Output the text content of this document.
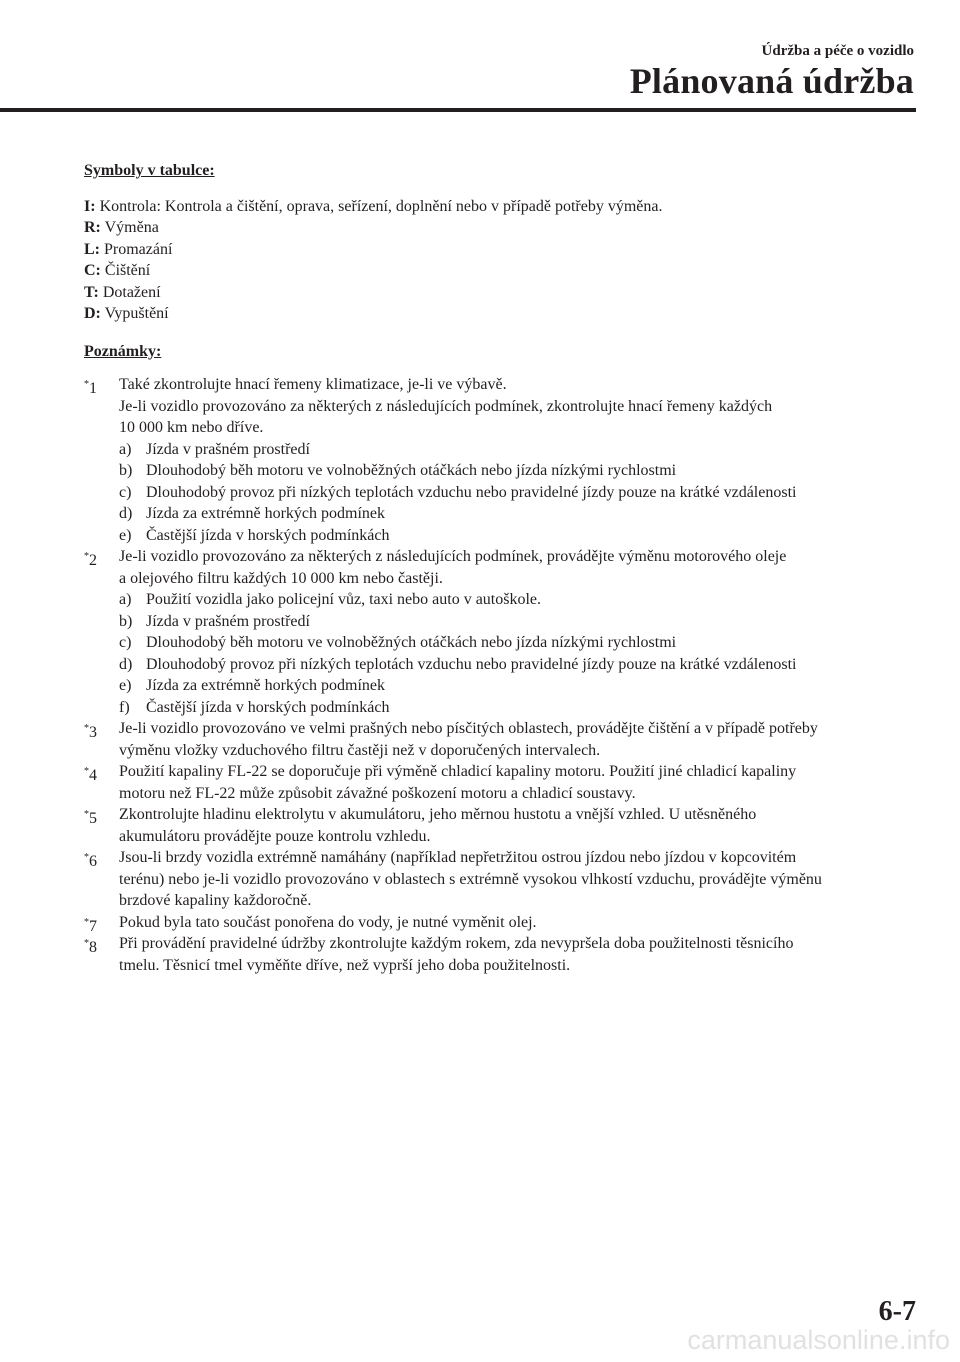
Údržba a péče o vozidlo
Plánovaná údržba
Symboly v tabulce:
I: Kontrola: Kontrola a čištění, oprava, seřízení, doplnění nebo v případě potřeby výměna.
R: Výměna
L: Promazání
C: Čištění
T: Dotažení
D: Vypuštění
Poznámky:
*1 Také zkontrolujte hnací řemeny klimatizace, je-li ve výbavě.
Je-li vozidlo provozováno za některých z následujících podmínek, zkontrolujte hnací řemeny každých
10 000 km nebo dříve.
a) Jízda v prašném prostředí
b) Dlouhodobý běh motoru ve volnoběžných otáčkách nebo jízda nízkými rychlostmi
c) Dlouhodobý provoz při nízkých teplotách vzduchu nebo pravidelné jízdy pouze na krátké vzdálenosti
d) Jízda za extrémně horkých podmínek
e) Častější jízda v horských podmínkách
*2 Je-li vozidlo provozováno za některých z následujících podmínek, provádějte výměnu motorového oleje
a olejového filtru každých 10 000 km nebo častěji.
a) Použití vozidla jako policejní vůz, taxi nebo auto v autoškole.
b) Jízda v prašném prostředí
c) Dlouhodobý běh motoru ve volnoběžných otáčkách nebo jízda nízkými rychlostmi
d) Dlouhodobý provoz při nízkých teplotách vzduchu nebo pravidelné jízdy pouze na krátké vzdálenosti
e) Jízda za extrémně horkých podmínek
f) Častější jízda v horských podmínkách
*3 Je-li vozidlo provozováno ve velmi prašných nebo písčitých oblastech, provádějte čištění a v případě potřeby
výměnu vložky vzduchového filtru častěji než v doporučených intervalech.
*4 Použití kapaliny FL-22 se doporučuje při výměně chladicí kapaliny motoru. Použití jiné chladicí kapaliny
motoru než FL-22 může způsobit závažné poškození motoru a chladicí soustavy.
*5 Zkontrolujte hladinu elektrolytu v akumulátoru, jeho měrnou hustotu a vnější vzhled. U utěsněného
akumulátoru provádějte pouze kontrolu vzhledu.
*6 Jsou-li brzdy vozidla extrémně namáhány (například nepřetržitou ostrou jízdou nebo jízdou v kopcovitém
terénu) nebo je-li vozidlo provozováno v oblastech s extrémně vysokou vlhkostí vzduchu, provádějte výměnu
brzdové kapaliny každoročně.
*7 Pokud byla tato součást ponořena do vody, je nutné vyměnit olej.
*8 Při provádění pravidelné údržby zkontrolujte každým rokem, zda nevypršela doba použitelnosti těsnicího
tmelu. Těsnicí tmel vyměňte dříve, než vyprší jeho doba použitelnosti.
6-7
carmanualsonline.info
